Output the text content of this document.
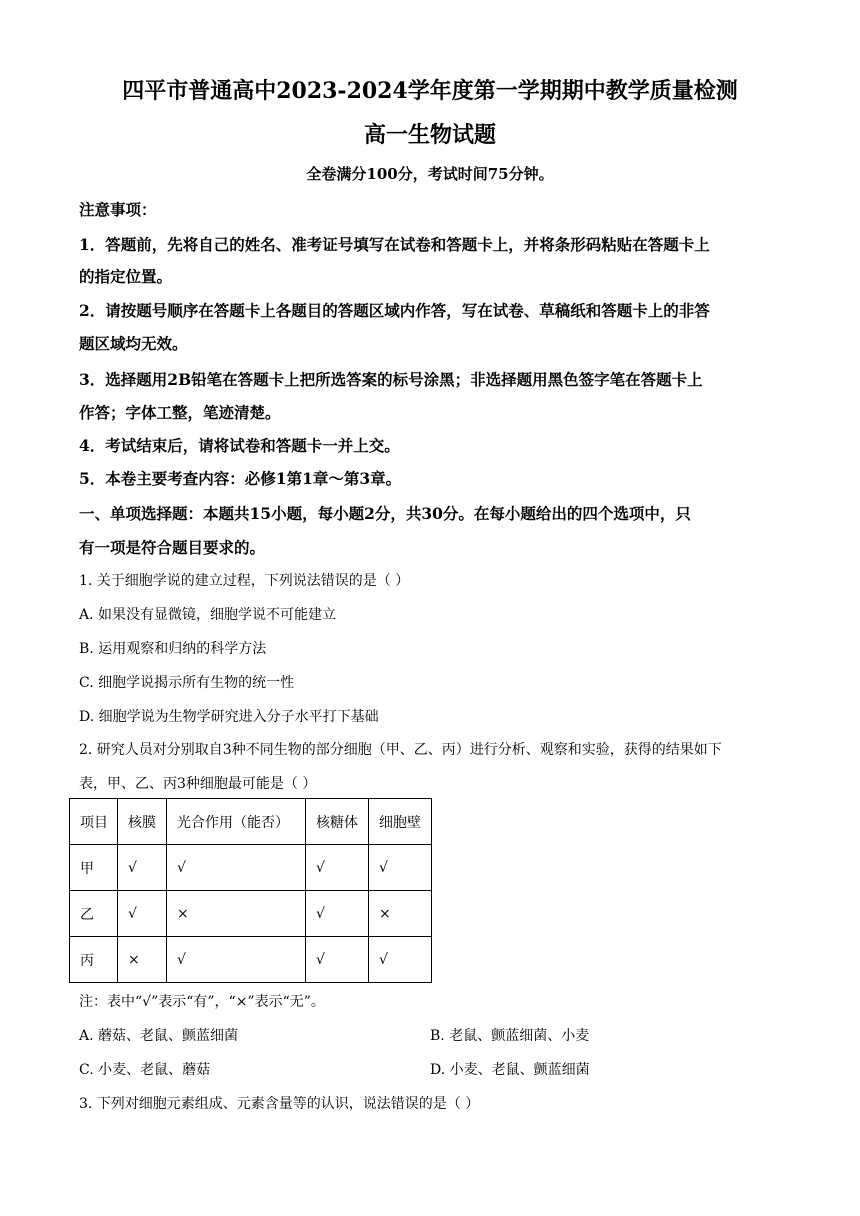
四平市普通高中2023-2024学年度第一学期期中教学质量检测
高一生物试题
全卷满分100分，考试时间75分钟。
注意事项：
1．答题前，先将自己的姓名、准考证号填写在试卷和答题卡上，并将条形码粘贴在答题卡上
的指定位置。
2．请按题号顺序在答题卡上各题目的答题区域内作答，写在试卷、草稿纸和答题卡上的非答
题区域均无效。
3．选择题用2B铅笔在答题卡上把所选答案的标号涂黑；非选择题用黑色签字笔在答题卡上
作答；字体工整，笔迹清楚。
4．考试结束后，请将试卷和答题卡一并上交。
5．本卷主要考查内容：必修1第1章～第3章。
一、单项选择题：本题共15小题，每小题2分，共30分。在每小题给出的四个选项中，只
有一项是符合题目要求的。
1. 关于细胞学说的建立过程，下列说法错误的是（ ）
A. 如果没有显微镜，细胞学说不可能建立
B. 运用观察和归纳的科学方法
C. 细胞学说揭示所有生物的统一性
D. 细胞学说为生物学研究进入分子水平打下基础
2. 研究人员对分别取自3种不同生物的部分细胞（甲、乙、丙）进行分析、观察和实验，获得的结果如下
表，甲、乙、丙3种细胞最可能是（ ）
项目	核膜	光合作用（能否）	核糖体	细胞壁
甲	√	√	√	√
乙	√	×	√	×
丙	×	√	√	√
注：表中“√”表示“有”，“×”表示“无”。
A. 蘑菇、老鼠、颤蓝细菌	B. 老鼠、颤蓝细菌、小麦
C. 小麦、老鼠、蘑菇	D. 小麦、老鼠、颤蓝细菌
3. 下列对细胞元素组成、元素含量等的认识，说法错误的是（ ）
